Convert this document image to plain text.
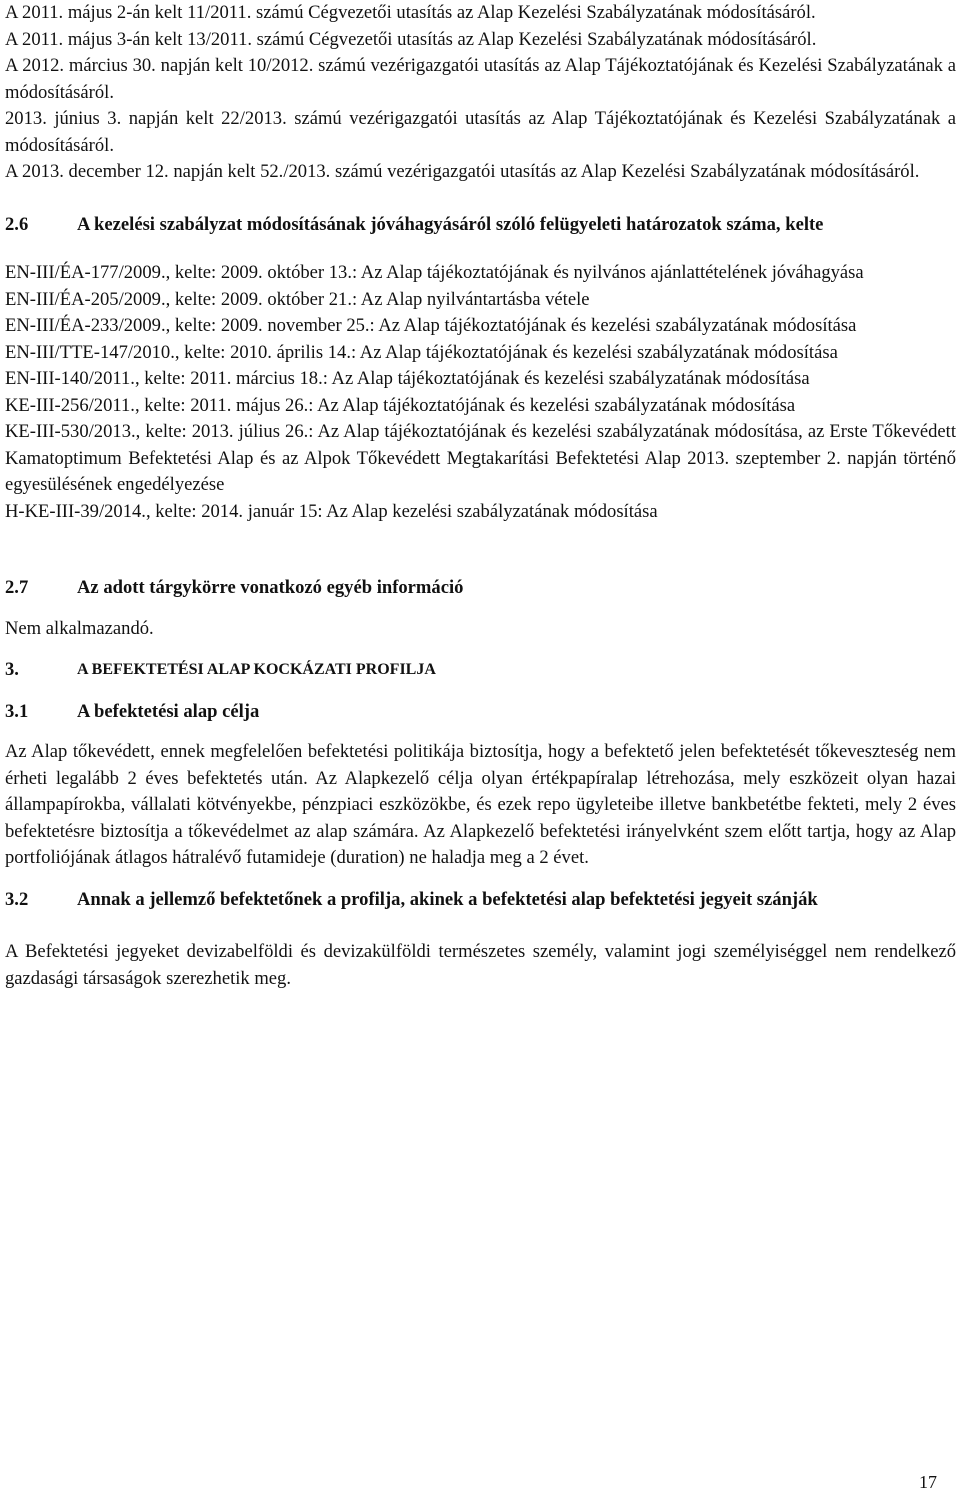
A 2011. május 2-án kelt 11/2011. számú Cégvezetői utasítás az Alap Kezelési Szabályzatának módosításáról.

A 2011. május 3-án kelt 13/2011. számú Cégvezetői utasítás az Alap Kezelési Szabályzatának módosításáról.

A 2012. március 30. napján kelt 10/2012. számú vezérigazgatói utasítás az Alap Tájékoztatójának és Kezelési Szabályzatának a módosításáról.

2013. június 3. napján kelt 22/2013. számú vezérigazgatói utasítás az Alap Tájékoztatójának és Kezelési Szabályzatának a módosításáról.

A 2013. december 12. napján kelt 52./2013. számú vezérigazgatói utasítás az Alap Kezelési Szabályzatának módosításáról.

2.6	A kezelési szabályzat módosításának jóváhagyásáról szóló felügyeleti határozatok száma, kelte

EN-III/ÉA-177/2009., kelte: 2009. október 13.: Az Alap tájékoztatójának és nyilvános ajánlattételének jóváhagyása

EN-III/ÉA-205/2009., kelte: 2009. október 21.: Az Alap nyilvántartásba vétele

EN-III/ÉA-233/2009., kelte: 2009. november 25.: Az Alap tájékoztatójának és kezelési szabályzatának módosítása

EN-III/TTE-147/2010., kelte: 2010. április 14.: Az Alap tájékoztatójának és kezelési szabályzatának módosítása

EN-III-140/2011., kelte: 2011. március 18.: Az Alap tájékoztatójának és kezelési szabályzatának módosítása

KE-III-256/2011., kelte: 2011. május 26.: Az Alap tájékoztatójának és kezelési szabályzatának módosítása

KE-III-530/2013., kelte: 2013. július 26.: Az Alap tájékoztatójának és kezelési szabályzatának módosítása, az Erste Tőkevédett Kamatoptimum Befektetési Alap és az Alpok Tőkevédett Megtakarítási Befektetési Alap 2013. szeptember 2. napján történő egyesülésének engedélyezése

H-KE-III-39/2014., kelte: 2014. január 15: Az Alap kezelési szabályzatának módosítása

2.7	Az adott tárgykörre vonatkozó egyéb információ

Nem alkalmazandó.

3.	A BEFEKTETÉSI ALAP KOCKÁZATI PROFILJA
3.1	A befektetési alap célja

Az Alap tőkevédett, ennek megfelelően befektetési politikája biztosítja, hogy a befektető jelen befektetését tőkeveszteség nem érheti legalább 2 éves befektetés után. Az Alapkezelő célja olyan értékpapíralap létrehozása, mely eszközeit olyan hazai állampapírokba, vállalati kötvényekbe, pénzpiaci eszközökbe, és ezek repo ügyleteibe illetve bankbetétbe fekteti, mely 2 éves befektetésre biztosítja a tőkevédelmet az alap számára. Az Alapkezelő befektetési irányelvként szem előtt tartja, hogy az Alap portfoliójának átlagos hátralévő futamideje (duration) ne haladja meg a 2 évet.

3.2	Annak a jellemző befektetőnek a profilja, akinek a befektetési alap befektetési jegyeit szánják

A Befektetési jegyeket devizabelföldi és devizakülföldi természetes személy, valamint jogi személyiséggel nem rendelkező gazdasági társaságok szerezhetik meg.

17
